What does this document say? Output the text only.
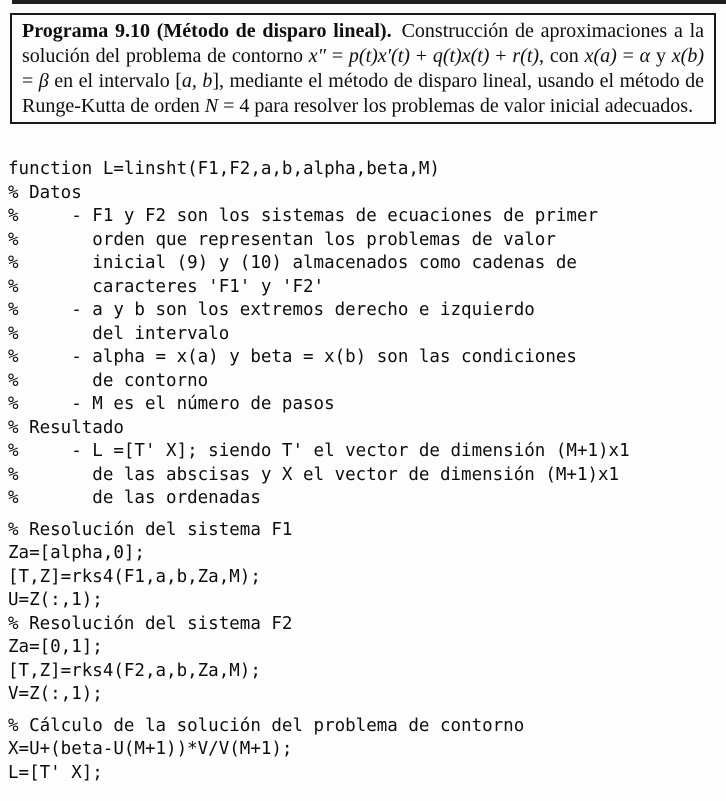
Programa 9.10 (Método de disparo lineal). Construcción de aproximaciones a la solución del problema de contorno x″ = p(t)x′(t) + q(t)x(t) + r(t), con x(a) = α y x(b) = β en el intervalo [a, b], mediante el método de disparo lineal, usando el método de Runge-Kutta de orden N = 4 para resolver los problemas de valor inicial adecuados.

function L=linsht(F1,F2,a,b,alpha,beta,M)
% Datos
%     - F1 y F2 son los sistemas de ecuaciones de primer
%       orden que representan los problemas de valor
%       inicial (9) y (10) almacenados como cadenas de
%       caracteres 'F1' y 'F2'
%     - a y b son los extremos derecho e izquierdo
%       del intervalo
%     - alpha = x(a) y beta = x(b) son las condiciones
%       de contorno
%     - M es el número de pasos
% Resultado
%     - L =[T' X]; siendo T' el vector de dimensión (M+1)x1
%       de las abscisas y X el vector de dimensión (M+1)x1
%       de las ordenadas
% Resolución del sistema F1
Za=[alpha,0];
[T,Z]=rks4(F1,a,b,Za,M);
U=Z(:,1);
% Resolución del sistema F2
Za=[0,1];
[T,Z]=rks4(F2,a,b,Za,M);
V=Z(:,1);
% Cálculo de la solución del problema de contorno
X=U+(beta-U(M+1))*V/V(M+1);
L=[T' X];
